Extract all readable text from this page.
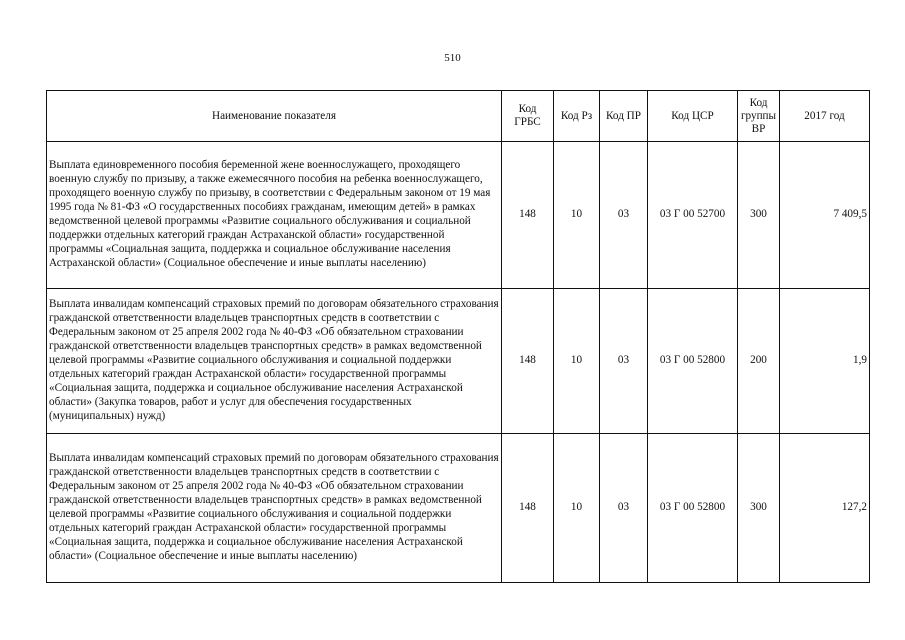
510
Наименование показателя	Код ГРБС	Код Рз	Код ПР	Код ЦСР	Код группы ВР	2017 год
Выплата единовременного пособия беременной жене военнослужащего, проходящего военную службу по призыву, а также ежемесячного пособия на ребенка военнослужащего, проходящего военную службу по призыву, в соответствии с Федеральным законом от 19 мая 1995 года № 81-ФЗ «О государственных пособиях гражданам, имеющим детей» в рамках ведомственной целевой программы «Развитие социального обслуживания и социальной поддержки отдельных категорий граждан Астраханской области» государственной программы «Социальная защита, поддержка и социальное обслуживание населения Астраханской области» (Социальное обеспечение и иные выплаты населению)	148	10	03	03 Г 00 52700	300	7 409,5
Выплата инвалидам компенсаций страховых премий по договорам обязательного страхования гражданской ответственности владельцев транспортных средств в соответствии с Федеральным законом от 25 апреля 2002 года № 40-ФЗ «Об обязательном страховании гражданской ответственности владельцев транспортных средств» в рамках ведомственной целевой программы «Развитие социального обслуживания и социальной поддержки отдельных категорий граждан Астраханской области» государственной программы «Социальная защита, поддержка и социальное обслуживание населения Астраханской области» (Закупка товаров, работ и услуг для обеспечения государственных (муниципальных) нужд)	148	10	03	03 Г 00 52800	200	1,9
Выплата инвалидам компенсаций страховых премий по договорам обязательного страхования гражданской ответственности владельцев транспортных средств в соответствии с Федеральным законом от 25 апреля 2002 года № 40-ФЗ «Об обязательном страховании гражданской ответственности владельцев транспортных средств» в рамках ведомственной целевой программы «Развитие социального обслуживания и социальной поддержки отдельных категорий граждан Астраханской области» государственной программы «Социальная защита, поддержка и социальное обслуживание населения Астраханской области» (Социальное обеспечение и иные выплаты населению)	148	10	03	03 Г 00 52800	300	127,2
